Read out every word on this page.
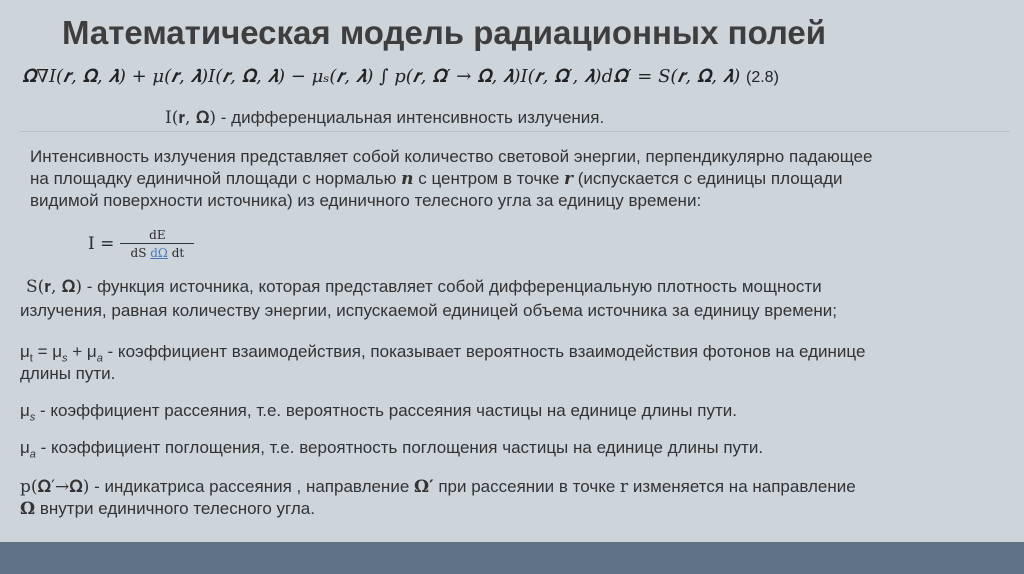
Математическая модель радиационных полей
𝛀∇𝐼(𝒓, 𝛀, 𝝀) + 𝜇(𝒓, 𝝀)𝐼(𝒓, 𝛀, 𝝀) − 𝜇ₛ(𝒓, 𝝀) ∫ 𝑝(𝒓, 𝛀′ → 𝛀, 𝝀)𝐼(𝒓, 𝛀′, 𝝀)𝑑𝛀′ = 𝑆(𝒓, 𝛀, 𝝀) (2.8)
I(𝐫, 𝛀) - дифференциальная интенсивность излучения.
Интенсивность излучения представляет собой количество световой энергии, перпендикулярно падающее
на площадку единичной площади с нормалью 𝒏 с центром в точке 𝒓 (испускается с единицы площади
видимой поверхности источника) из единичного телесного угла за единицу времени:
$I = \frac{dE}{\text{dS dΩ dt}}$
S(𝐫, 𝛀) - функция источника, которая представляет собой дифференциальную плотность мощности
излучения, равная количеству энергии, испускаемой единицей объема источника за единицу времени;
$\mu_t = \mu_s + \mu_a$ - коэффициент взаимодействия, показывает вероятность взаимодействия фотонов на единице
длины пути.
$\mu_s$ - коэффициент рассеяния, т.е. вероятность рассеяния частицы на единице длины пути.
$\mu_a$ - коэффициент поглощения, т.е. вероятность поглощения частицы на единице длины пути.
p(𝛀′→𝛀) - индикатриса рассеяния , направление 𝛀′ при рассеянии в точке r изменяется на направление
𝛀 внутри единичного телесного угла.
